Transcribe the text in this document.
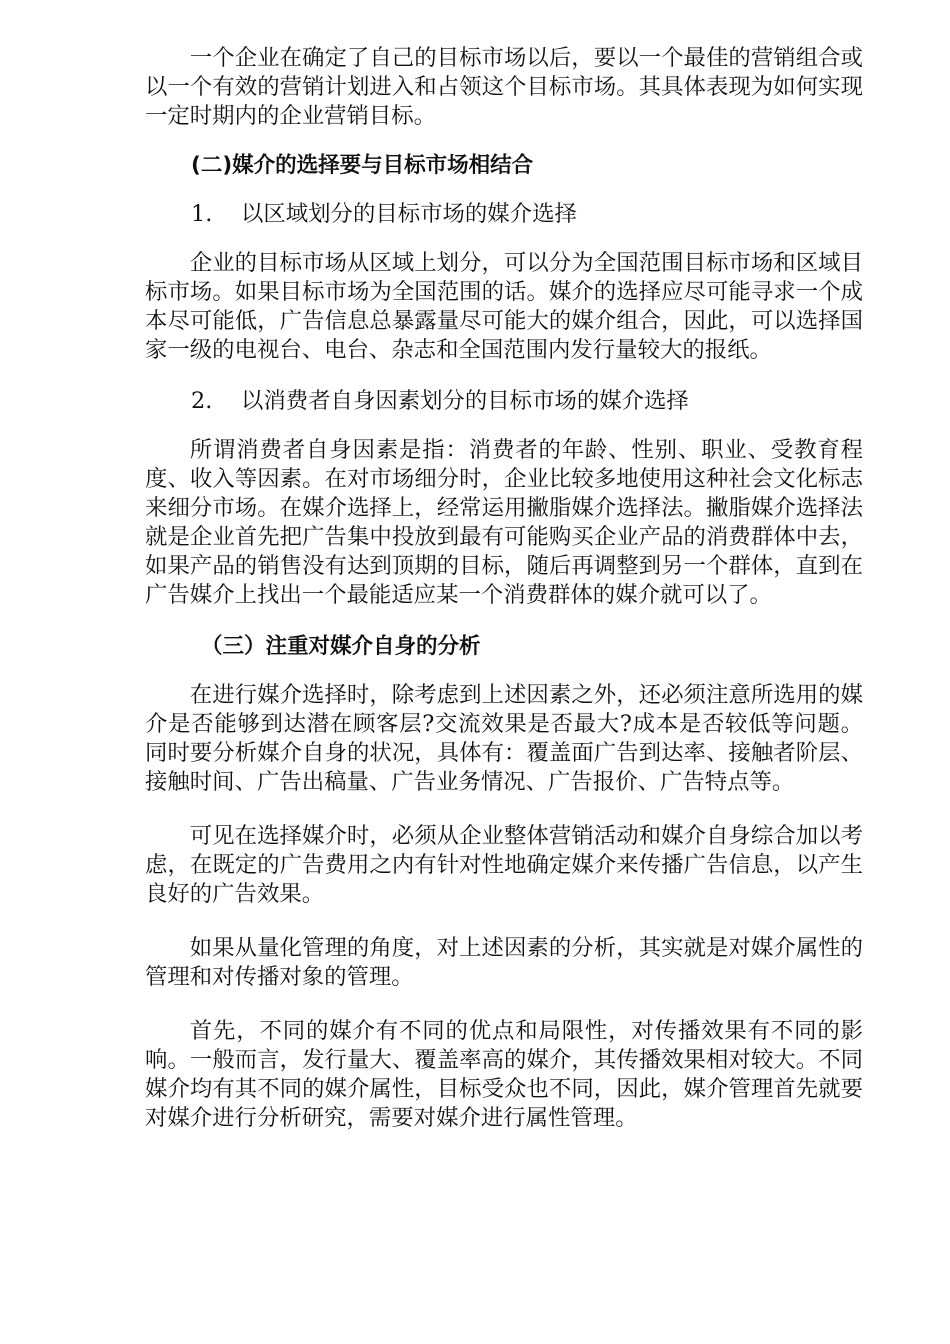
一个企业在确定了自己的目标市场以后，要以一个最佳的营销组合或以一个有效的营销计划进入和占领这个目标市场。其具体表现为如何实现一定时期内的企业营销目标。

(二)媒介的选择要与目标市场相结合
1. 以区域划分的目标市场的媒介选择

企业的目标市场从区域上划分，可以分为全国范围目标市场和区域目标市场。如果目标市场为全国范围的话。媒介的选择应尽可能寻求一个成本尽可能低，广告信息总暴露量尽可能大的媒介组合，因此，可以选择国家一级的电视台、电台、杂志和全国范围内发行量较大的报纸。

2. 以消费者自身因素划分的目标市场的媒介选择

所谓消费者自身因素是指：消费者的年龄、性别、职业、受教育程度、收入等因素。在对市场细分时，企业比较多地使用这种社会文化标志来细分市场。在媒介选择上，经常运用撇脂媒介选择法。撇脂媒介选择法就是企业首先把广告集中投放到最有可能购买企业产品的消费群体中去，如果产品的销售没有达到顶期的目标，随后再调整到另一个群体，直到在广告媒介上找出一个最能适应某一个消费群体的媒介就可以了。

（三）注重对媒介自身的分析

在进行媒介选择时，除考虑到上述因素之外，还必须注意所选用的媒介是否能够到达潜在顾客层?交流效果是否最大?成本是否较低等问题。同时要分析媒介自身的状况，具体有：覆盖面广告到达率、接触者阶层、接触时间、广告出稿量、广告业务情况、广告报价、广告特点等。

可见在选择媒介时，必须从企业整体营销活动和媒介自身综合加以考虑，在既定的广告费用之内有针对性地确定媒介来传播广告信息，以产生良好的广告效果。

如果从量化管理的角度，对上述因素的分析，其实就是对媒介属性的管理和对传播对象的管理。

首先，不同的媒介有不同的优点和局限性，对传播效果有不同的影响。一般而言，发行量大、覆盖率高的媒介，其传播效果相对较大。不同媒介均有其不同的媒介属性，目标受众也不同，因此，媒介管理首先就要对媒介进行分析研究，需要对媒介进行属性管理。
